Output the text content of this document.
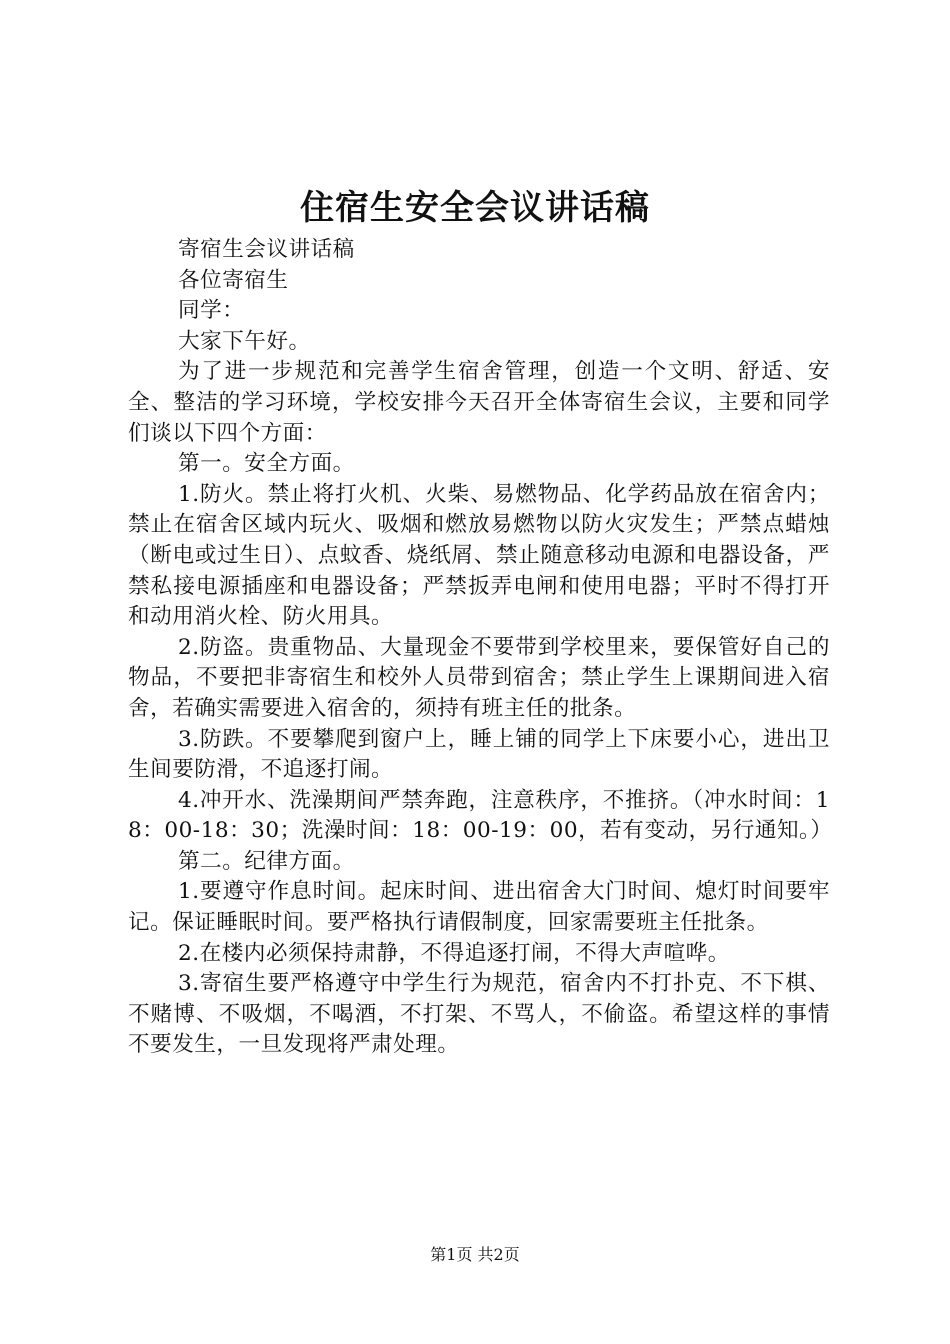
住宿生安全会议讲话稿

寄宿生会议讲话稿

各位寄宿生

同学：

大家下午好。

为了进一步规范和完善学生宿舍管理，创造一个文明、舒适、安全、整洁的学习环境，学校安排今天召开全体寄宿生会议，主要和同学们谈以下四个方面：

第一。安全方面。

1.防火。禁止将打火机、火柴、易燃物品、化学药品放在宿舍内；禁止在宿舍区域内玩火、吸烟和燃放易燃物以防火灾发生；严禁点蜡烛（断电或过生日）、点蚊香、烧纸屑、禁止随意移动电源和电器设备，严禁私接电源插座和电器设备；严禁扳弄电闸和使用电器；平时不得打开和动用消火栓、防火用具。

2.防盗。贵重物品、大量现金不要带到学校里来，要保管好自己的物品，不要把非寄宿生和校外人员带到宿舍；禁止学生上课期间进入宿舍，若确实需要进入宿舍的，须持有班主任的批条。

3.防跌。不要攀爬到窗户上，睡上铺的同学上下床要小心，进出卫生间要防滑，不追逐打闹。

4.冲开水、洗澡期间严禁奔跑，注意秩序，不推挤。（冲水时间：18：00-18：30；洗澡时间：18：00-19：00，若有变动，另行通知。）

第二。纪律方面。

1.要遵守作息时间。起床时间、进出宿舍大门时间、熄灯时间要牢记。保证睡眠时间。要严格执行请假制度，回家需要班主任批条。

2.在楼内必须保持肃静，不得追逐打闹，不得大声喧哗。

3.寄宿生要严格遵守中学生行为规范，宿舍内不打扑克、不下棋、不赌博、不吸烟，不喝酒，不打架、不骂人，不偷盗。希望这样的事情不要发生，一旦发现将严肃处理。

第1页 共2页
